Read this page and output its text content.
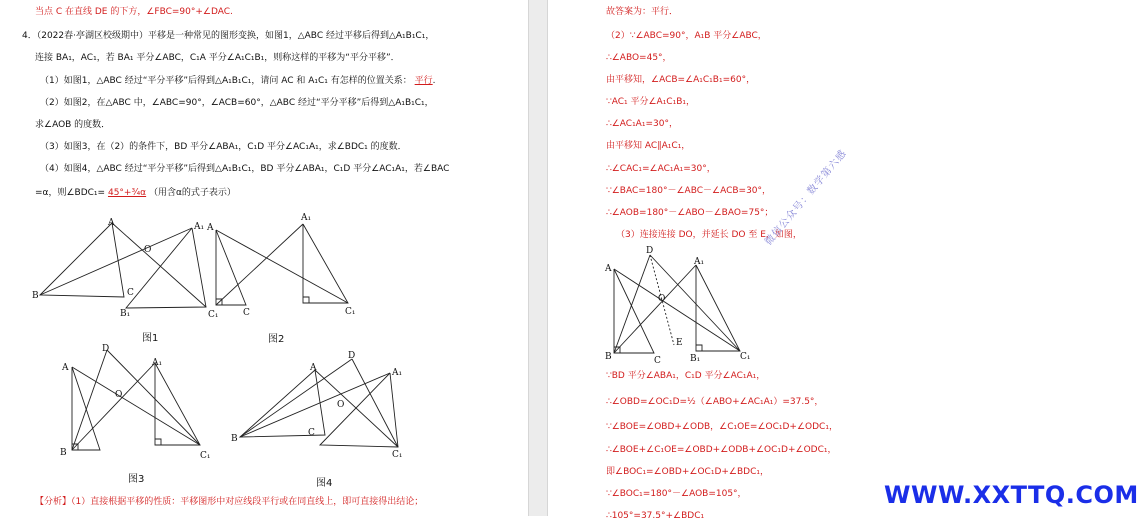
当点 C 在直线 DE 的下方，∠FBC=90°+∠DAC.
4．（2022春·亭湖区校级期中）平移是一种常见的图形变换，如图1，△ABC 经过平移后得到△A₁B₁C₁，
连接 BA₁，AC₁，若 BA₁ 平分∠ABC，C₁A 平分∠A₁C₁B₁，则称这样的平移为“平分平移”．
（1）如图1，△ABC 经过“平分平移”后得到△A₁B₁C₁，请问 AC 和 A₁C₁ 有怎样的位置关系： 平行.
（2）如图2，在△ABC 中，∠ABC=90°，∠ACB=60°，△ABC 经过“平分平移”后得到△A₁B₁C₁，
求∠AOB 的度数．
（3）如图3，在（2）的条件下，BD 平分∠ABA₁，C₁D 平分∠AC₁A₁，求∠BDC₁ 的度数．
（4）如图4，△ABC 经过“平分平移”后得到△A₁B₁C₁，BD 平分∠ABA₁，C₁D 平分∠AC₁A₁，若∠BAC
=α，则∠BDC₁= 45°+¾α （用含α的式子表示）
A
B	C
A₁
B₁	C₁
O
图1
A
C
A₁
C₁
图2
A
D
B
A₁
C₁
O
图3
A
D
B
C
A₁
C₁
O
图4
【分析】（1）直接根据平移的性质：平移图形中对应线段平行或在同直线上，即可直接得出结论；
故答案为：平行．
（2）∵∠ABC=90°，A₁B 平分∠ABC，
∴∠ABO=45°，
由平移知，∠ACB=∠A₁C₁B₁=60°，
∵AC₁ 平分∠A₁C₁B₁，
∴∠AC₁A₁=30°，
由平移知 AC∥A₁C₁，
∴∠CAC₁=∠AC₁A₁=30°，
∵∠BAC=180°－∠ABC－∠ACB=30°，
∴∠AOB=180°－∠ABO－∠BAO=75°；
（3）连接连接 DO，并延长 DO 至 E，如图，
A
D
B	C
A₁
B₁	C₁
O
E
∵BD 平分∠ABA₁，C₁D 平分∠AC₁A₁，
∴∠OBD=∠OC₁D=½（∠ABO+∠AC₁A₁）=37.5°，
∵∠BOE=∠OBD+∠ODB，∠C₁OE=∠OC₁D+∠ODC₁，
∴∠BOE+∠C₁OE=∠OBD+∠ODB+∠OC₁D+∠ODC₁，
即∠BOC₁=∠OBD+∠OC₁D+∠BDC₁，
∵∠BOC₁=180°－∠AOB=105°，
∴105°=37.5°+∠BDC₁
微信公众号：数学第六感
WWW.XXTTQ.COM
